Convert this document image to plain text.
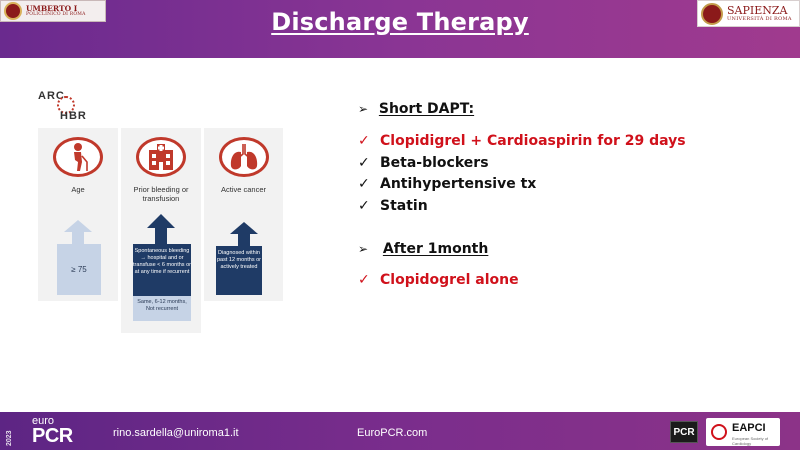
UMBERTO I
POLICLINICO DI ROMA	Discharge Therapy	SAPIENZA
UNIVERSITÀ DI ROMA
ARC
HBR
Age
≥ 75
Prior bleeding or transfusion
Spontaneous bleeding → hospital and or transfuse < 6 months or at any time if recurrent
Same, 6-12 months, Not recurrent
Active cancer
Diagnosed within past 12 months or actively treated
➢ Short DAPT:
✓ Clopidigrel + Cardioaspirin for 29 days
✓ Beta-blockers
✓ Antihypertensive tx
✓ Statin
➢ After 1month
✓ Clopidogrel alone
2023
euro
PCR	rino.sardella@uniroma1.it	EuroPCR.com	PCR	EAPCI
European Society of Cardiology
